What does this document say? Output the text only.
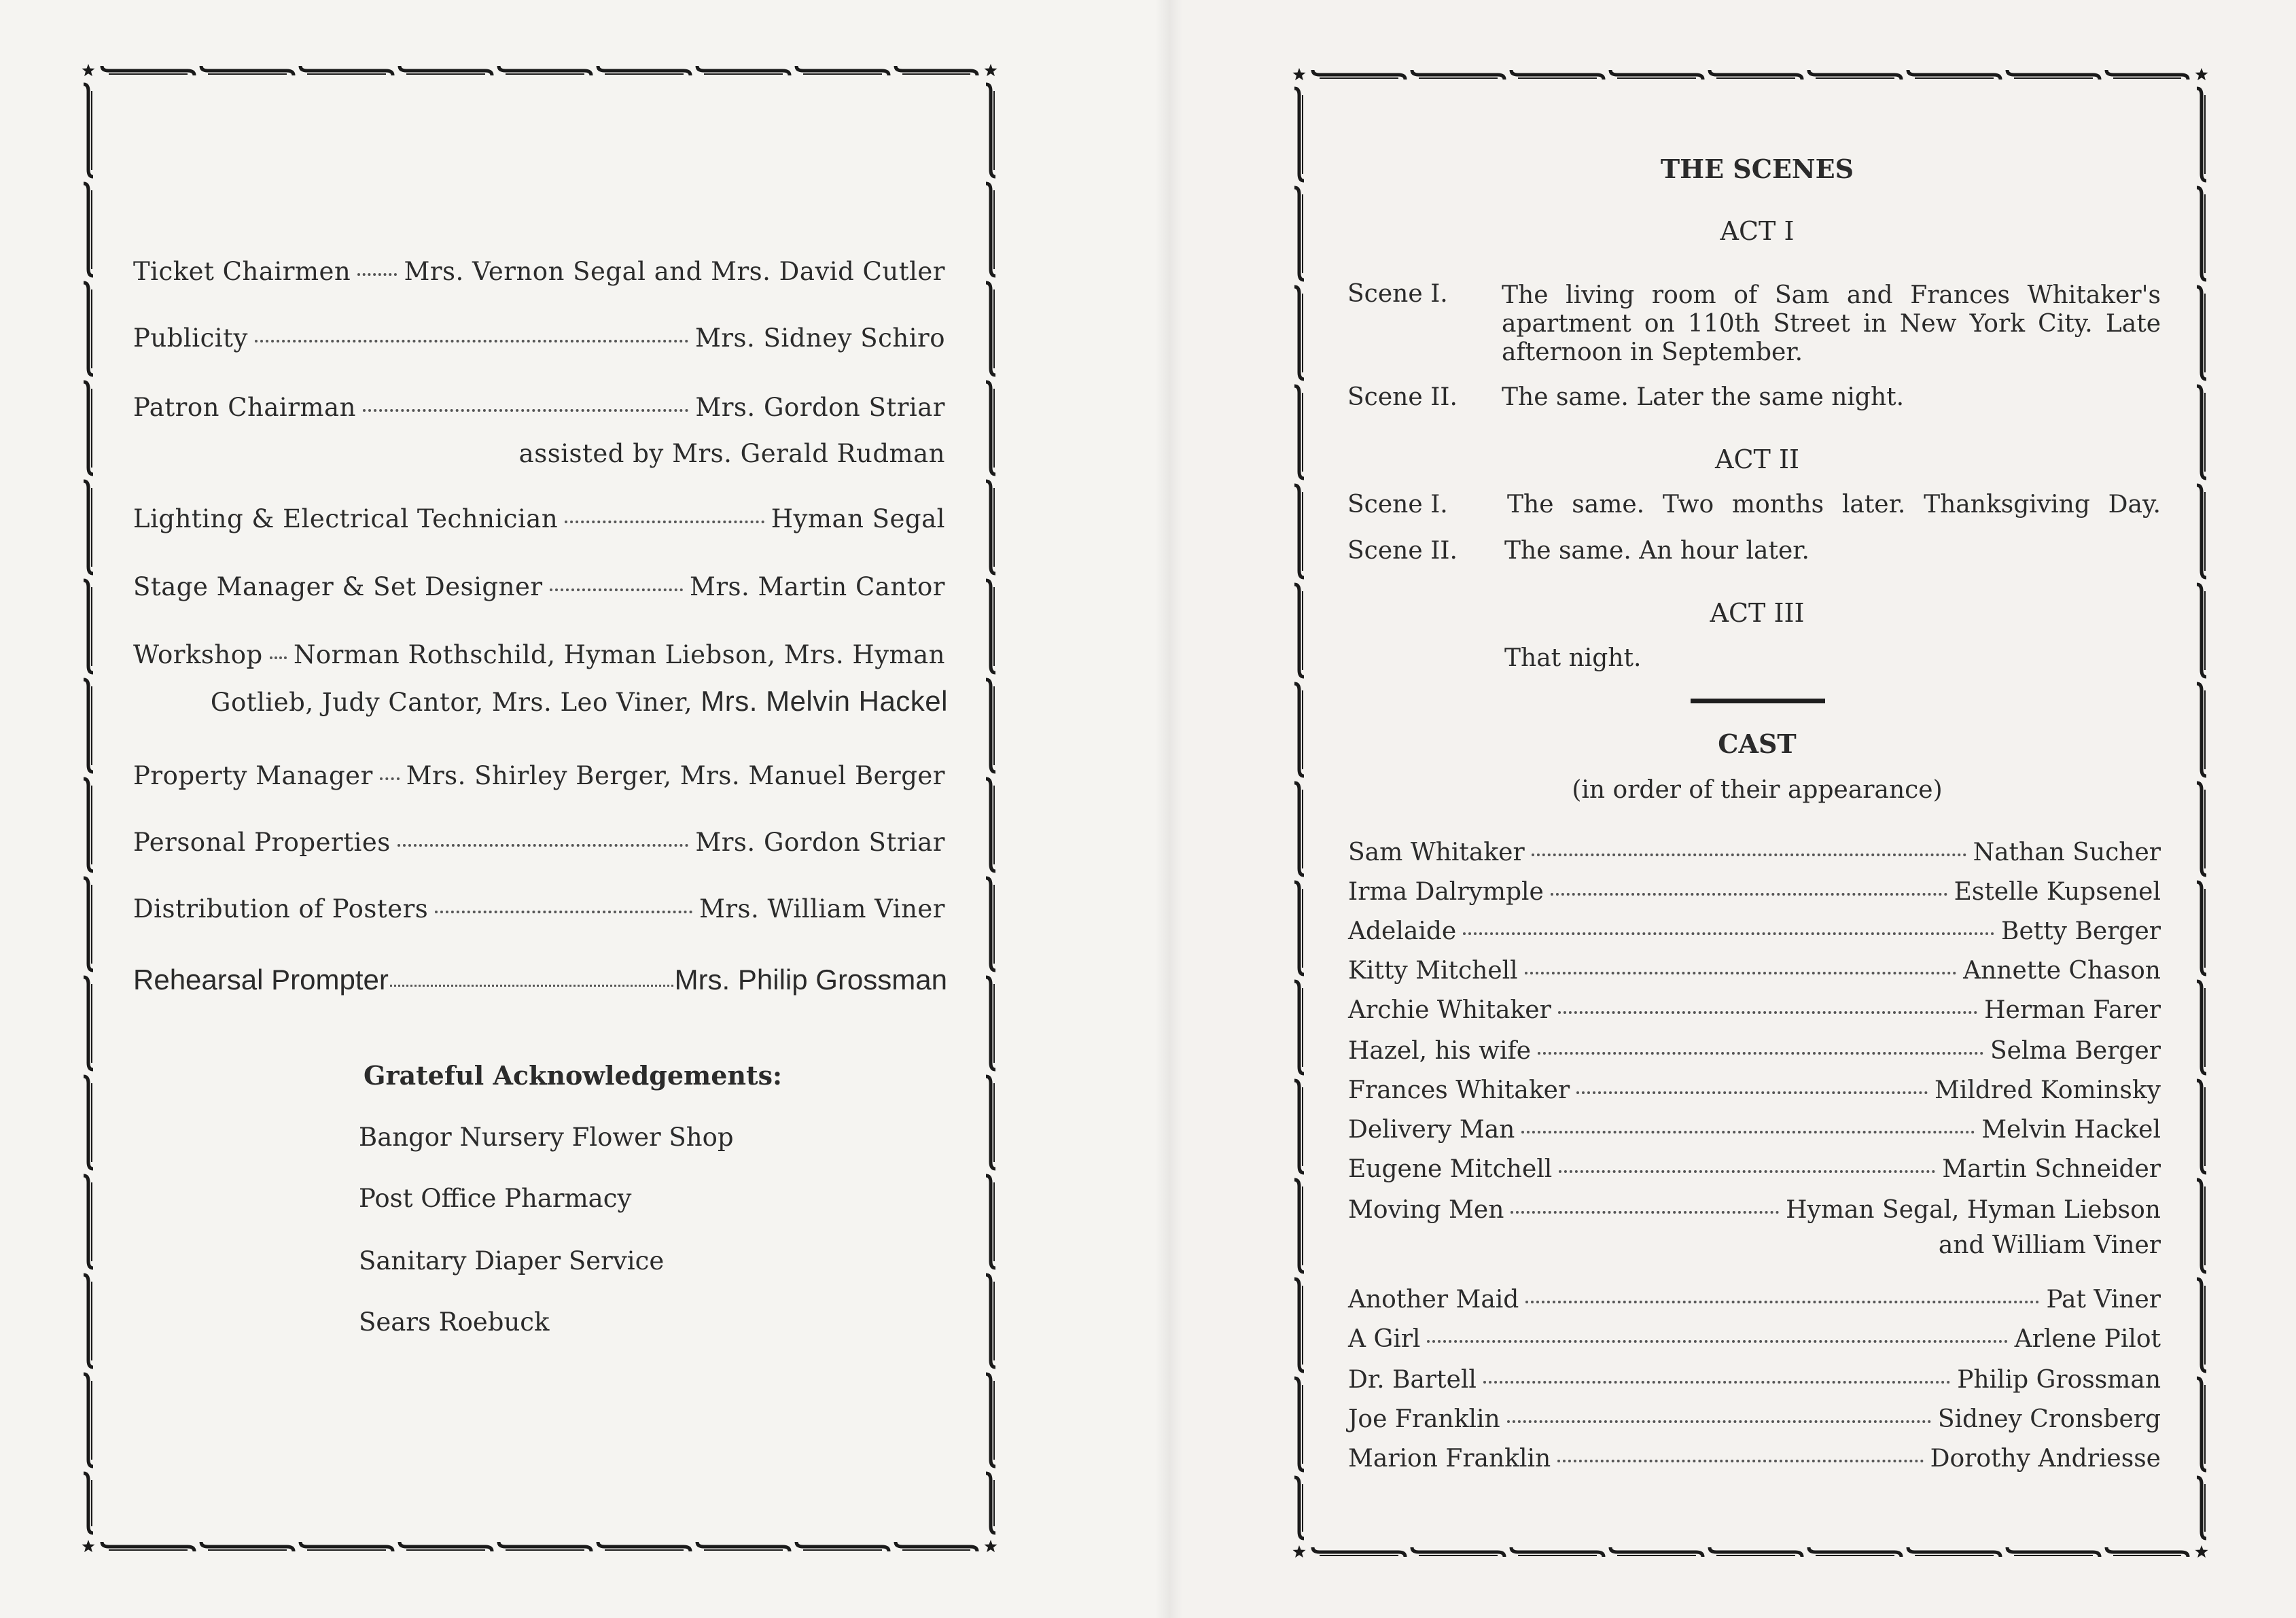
Ticket Chairmen Mrs. Vernon Segal and Mrs. David Cutler
Publicity	Mrs. Sidney Schiro
Patron Chairman	Mrs. Gordon Striar
assisted by Mrs. Gerald Rudman
Lighting & Electrical Technician	Hyman Segal
Stage Manager & Set Designer	Mrs. Martin Cantor
Workshop Norman Rothschild, Hyman Liebson, Mrs. Hyman
Gotlieb, Judy Cantor, Mrs. Leo Viner, Mrs. Melvin Hackel
Property Manager Mrs. Shirley Berger, Mrs. Manuel Berger
Personal Properties	Mrs. Gordon Striar
Distribution of Posters	Mrs. William Viner
Rehearsal Prompter	Mrs. Philip Grossman
Grateful Acknowledgements:
Bangor Nursery Flower Shop
Post Office Pharmacy
Sanitary Diaper Service
Sears Roebuck
THE SCENES
ACT I
Scene I. The living room of Sam and Frances Whitaker's apartment on 110th Street in New York City. Late afternoon in September.
Scene II. The same. Later the same night.
ACT II
Scene I. The same. Two months later. Thanksgiving Day.
Scene II. The same. An hour later.
ACT III
That night.
CAST
(in order of their appearance)
Sam Whitaker	Nathan Sucher
Irma Dalrymple	Estelle Kupsenel
Adelaide	Betty Berger
Kitty Mitchell	Annette Chason
Archie Whitaker	Herman Farer
Hazel, his wife	Selma Berger
Frances Whitaker	Mildred Kominsky
Delivery Man	Melvin Hackel
Eugene Mitchell	Martin Schneider
Moving Men	Hyman Segal, Hyman Liebson
and William Viner
Another Maid	Pat Viner
A Girl	Arlene Pilot
Dr. Bartell	Philip Grossman
Joe Franklin	Sidney Cronsberg
Marion Franklin	Dorothy Andriesse
